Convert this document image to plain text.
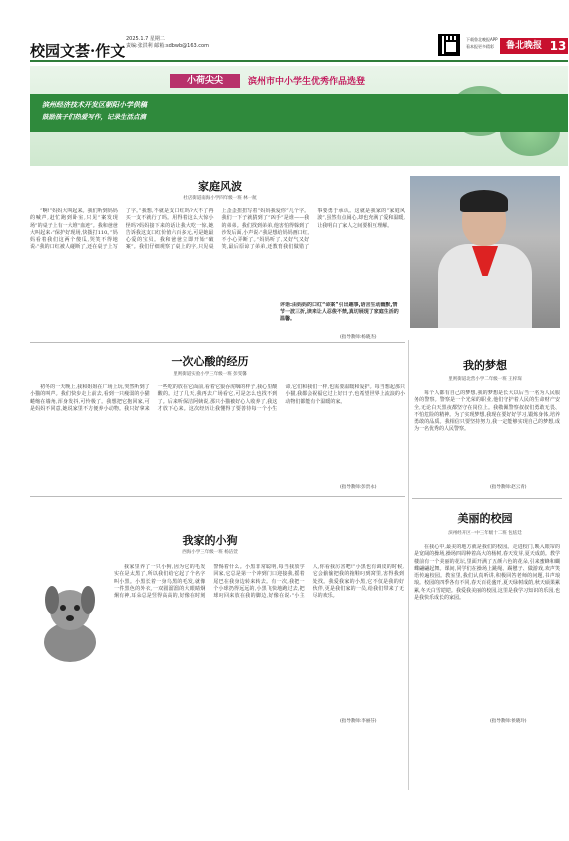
校园文荟·作文
2025.1.7 星期二
责编:张洪利 邮箱:sdbwb@163.com
下载鲁北晚报APP
看本报更多精彩	鲁北晚报 13
小荷尖尖	滨州市中小学生优秀作品选登
滨州经济技术开发区朝阳小学供稿
鼓励孩子们热爱写作，记录生活点滴
家庭风波
杜店街道南海小学四年级一班 林一航
“啊!”妈妈大叫起来。我们听到妈妈的喊声,赶忙跑到卧室,只见“案发现场”的桌子上有一大堆“血迹”。我和爸爸大叫起来:“保护好现场,快拨打110。”妈妈看着我们这两个傻瓜,哭笑不得地说:“我的口红被人碰断了,还在桌子上写了字。”我想,不就是支口红吗?大不了再买一支不就行了吗。用得着这么大惊小怪吗?妈妈接下来的话让我大吃一惊,她告诉我这支口红价值六百多元,可是她最心爱的宝贝。我和爸爸立即开始“破案”。我们仔细观察了桌上的字,只见桌上歪歪扭扭写着“妈妈我爱你”几个字。我们一下子就猜到了“凶手”是谁——我的弟弟。我们找到弟弟,他害怕得躲到了沙发后面,小声说:“我是想给妈妈画口红,不小心弄断了。”妈妈听了,又好气又好笑,最后原谅了弟弟,还教育我们做错了事要勇于承认。这就是我家的“家庭风波”,虽然有点闹心,却也充满了爱和温暖,让我明白了家人之间要相互理解。
评语:由妈妈的口红“命案”引出趣事,语言生动幽默,情节一波三折,读来让人忍俊不禁,真切展现了家庭生活的温馨。
(指导教师:杨晓杰)
一次心酸的经历
里则街道实验小学三年级一班 彭雯馨
初冬的一天晚上,我和姐姐在广场上玩,突然听到了小猫的叫声。我们快步走上前去,看到一只瘦弱的小猫蜷缩在墙角,浑身发抖,可怜极了。我想把它抱回家,可是妈妈不同意,她说家里不方便养小动物。我只好拿来一些吃的放在它面前,看着它狼吞虎咽的样子,我心里酸酸的。过了几天,我再去广场看它,可是怎么也找不到了。后来听保洁阿姨说,那只小猫被好心人收养了,我这才放下心来。这次经历让我懂得了要善待每一个小生命,它们和我们一样,也需要温暖和爱护。每当想起那只小猫,我都会祝福它过上好日子,也希望世界上流浪的小动物们都能有个温暖的家。
(指导教师:彭贵永)
我家的小狗
西海小学三年级一班 杨洁萱
我家里养了一只小狗,因为它的毛发实在是太黑了,所以我们给它起了个名字叫小黑。小黑长着一身乌黑的毛发,就像一件黑色的外衣,一双圆溜溜的大眼睛炯炯有神,耳朵总是竖得高高的,好像在时刻警惕着什么。小黑非常聪明,每当我放学回家,它总是第一个冲到门口迎接我,摇着尾巴在我身边转来转去。有一次,我把一个小球扔得远远的,小黑飞快地跑过去,把球叼回来放在我的脚边,好像在说:“小主人,你看我厉害吧!”小黑也有调皮的时候,它会偷偷把我的拖鞋叼到窝里,害得我到处找。我爱我家的小黑,它不仅是我的好伙伴,更是我们家的一员,给我们带来了无尽的欢乐。
(指导教师:李丽芬)
我的梦想
里则街道北营小学二年级一班 王梓琛
每个人都有自己的梦想,我的梦想是长大以后当一名为人民服务的警察。警察是一个光荣的职业,他们守护着人民的生命财产安全,无论白天黑夜都坚守在岗位上。我敬佩警察叔叔们勇敢无畏、不怕危险的精神。为了实现梦想,我现在要好好学习,锻炼身体,培养勇敢的品质。我相信只要坚持努力,我一定能够实现自己的梦想,成为一名优秀的人民警察。
(指导教师:赵云青)
美丽的校园
滨州经开区一中三年级十二班 包炫廷
在我心中,最美的地方就是我们的校园。走进校门,映入眼帘的是宽阔的操场,操场四周种着高大的杨树,春天发芽,夏天成荫。教学楼前有一个美丽的花坛,里面开满了五颜六色的花朵,引来蜜蜂和蝴蝶翩翩起舞。课间,同学们在操场上跳绳、踢毽子、做游戏,欢声笑语传遍校园。教室里,我们认真听讲,积极回答老师的问题,书声琅琅。校园的四季各有不同,春天百花盛开,夏天绿树成荫,秋天硕果累累,冬天白雪皑皑。我爱我美丽的校园,这里是我学习知识的乐园,也是我快乐成长的家园。
(指导教师:侯晓玲)
